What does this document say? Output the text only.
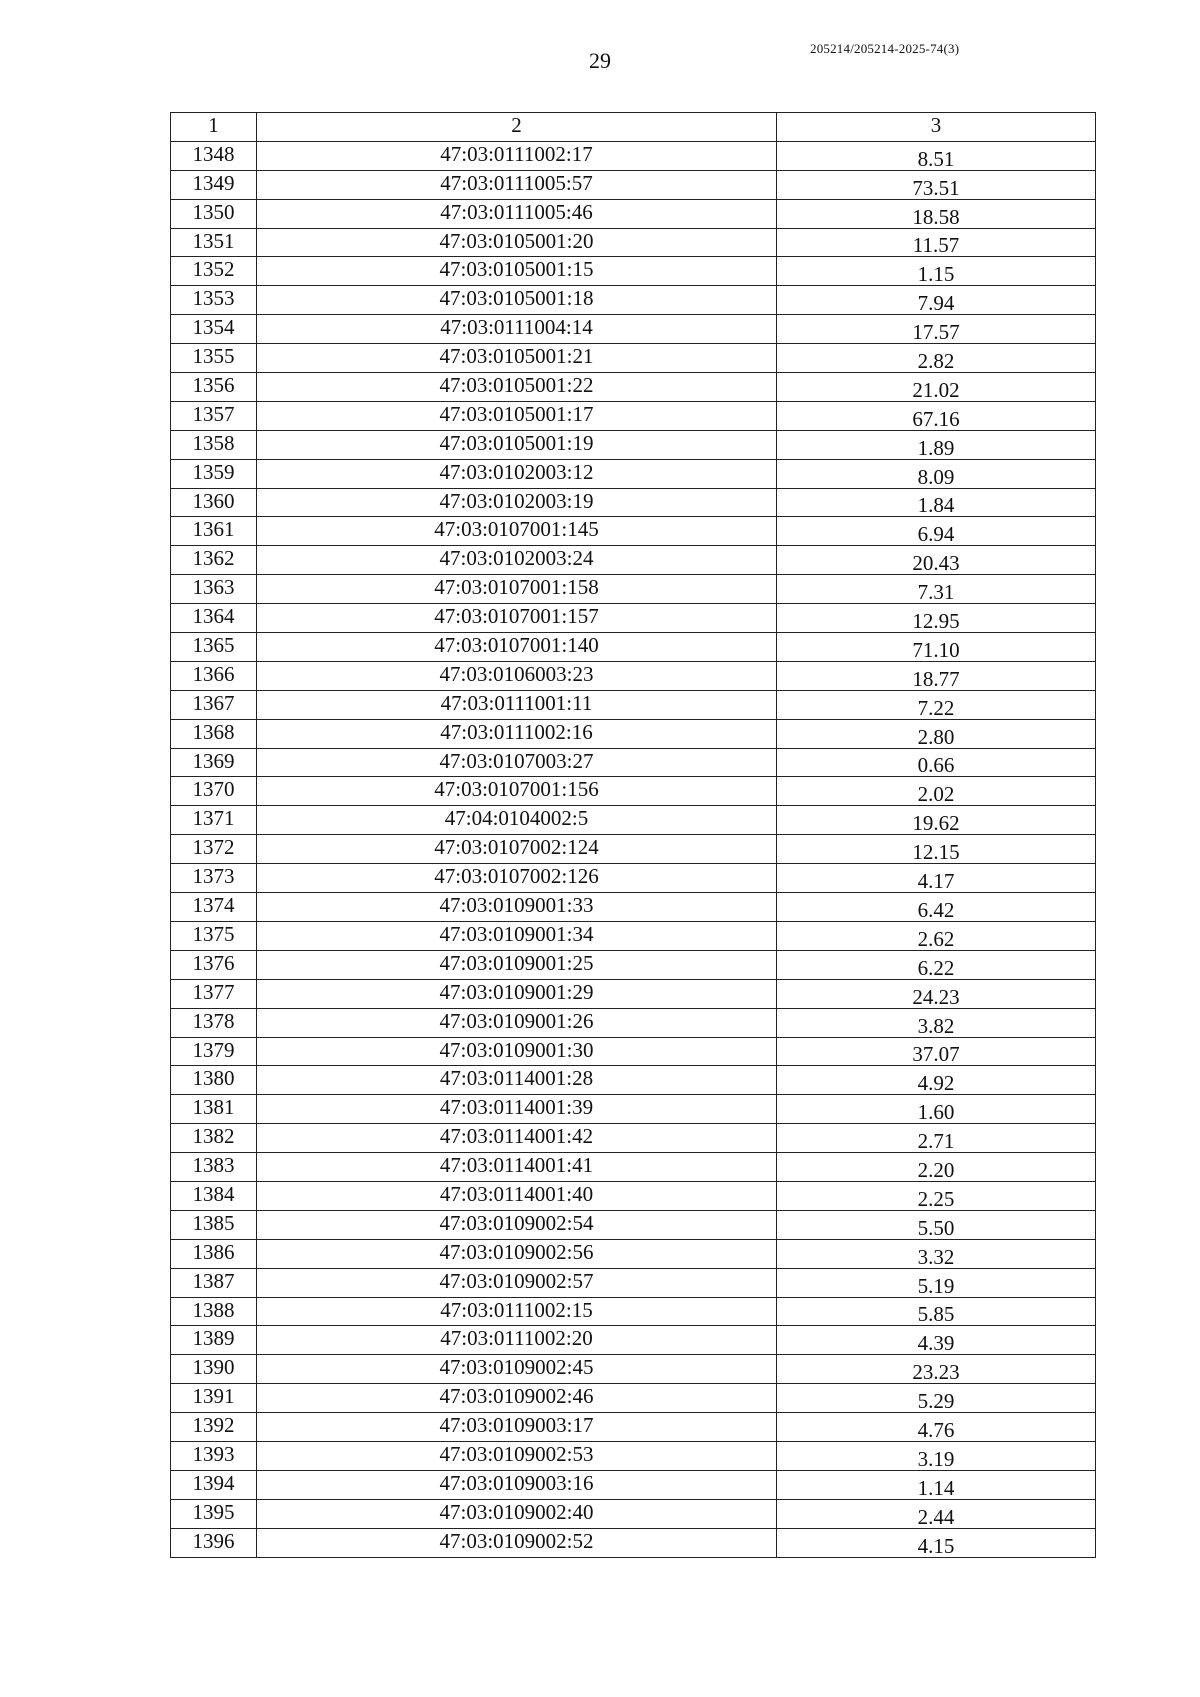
29	205214/205214-2025-74(3)
1	2	3
1348	47:03:0111002:17	8.51
1349	47:03:0111005:57	73.51
1350	47:03:0111005:46	18.58
1351	47:03:0105001:20	11.57
1352	47:03:0105001:15	1.15
1353	47:03:0105001:18	7.94
1354	47:03:0111004:14	17.57
1355	47:03:0105001:21	2.82
1356	47:03:0105001:22	21.02
1357	47:03:0105001:17	67.16
1358	47:03:0105001:19	1.89
1359	47:03:0102003:12	8.09
1360	47:03:0102003:19	1.84
1361	47:03:0107001:145	6.94
1362	47:03:0102003:24	20.43
1363	47:03:0107001:158	7.31
1364	47:03:0107001:157	12.95
1365	47:03:0107001:140	71.10
1366	47:03:0106003:23	18.77
1367	47:03:0111001:11	7.22
1368	47:03:0111002:16	2.80
1369	47:03:0107003:27	0.66
1370	47:03:0107001:156	2.02
1371	47:04:0104002:5	19.62
1372	47:03:0107002:124	12.15
1373	47:03:0107002:126	4.17
1374	47:03:0109001:33	6.42
1375	47:03:0109001:34	2.62
1376	47:03:0109001:25	6.22
1377	47:03:0109001:29	24.23
1378	47:03:0109001:26	3.82
1379	47:03:0109001:30	37.07
1380	47:03:0114001:28	4.92
1381	47:03:0114001:39	1.60
1382	47:03:0114001:42	2.71
1383	47:03:0114001:41	2.20
1384	47:03:0114001:40	2.25
1385	47:03:0109002:54	5.50
1386	47:03:0109002:56	3.32
1387	47:03:0109002:57	5.19
1388	47:03:0111002:15	5.85
1389	47:03:0111002:20	4.39
1390	47:03:0109002:45	23.23
1391	47:03:0109002:46	5.29
1392	47:03:0109003:17	4.76
1393	47:03:0109002:53	3.19
1394	47:03:0109003:16	1.14
1395	47:03:0109002:40	2.44
1396	47:03:0109002:52	4.15
